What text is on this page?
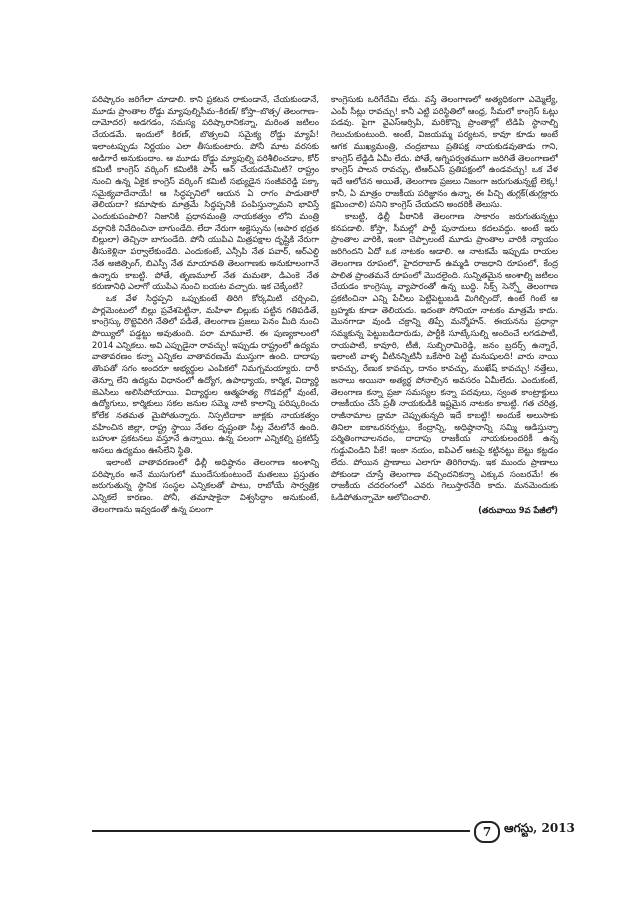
పరిష్కారం జరిగేలా చూడాలి. కాని ప్రకటన రాకుండానే, చేయకుండానే, మూడు ప్రాంతాల రోడ్డు మ్యాపుల్నిసీమ–కిరణ్/ కోస్తా–బొత్స/ తెలంగాణ–దామోదర) అడగడం, సమస్య పరిష్కారానికన్నా, మరింత జటిలం చేయడమే. ఇందులో కిరణ్, బొత్సలవి సమైక్య రోడ్డు మ్యాపే! ఇలాంటప్పుడు నిర్ణయం ఎలా తీసుకుంటారు. పోనీ మాట వరసకు అడిగారే అనుకుందాం. ఆ మూడు రోడ్డు మ్యాపుల్ని పరిశీలించడాం, కోర్ కమిటీ కాంగ్రెస్ వర్కింగ్ కమిటీకి పాస్ ఆన్ చేయడమేమిటి? రాష్ట్రం నుంచి ఉన్న ఏకైక కాంగ్రెస్ వర్కింగ్ కమిటీ సభ్యుడైన సంజీవరెడ్డి పక్కా సమైక్యవాదేనాయే! ఆ సిద్ధప్పనిలో ఆయన ఏ రాగం పాడుతారో తెలియదా? కమాషాకు మాత్రమే సిద్ధప్పనికి పంపిస్తున్నామని భావిస్తే ఎందుకుపంపాలి? నిజానికి ప్రధానమంత్రి నాయకత్వం లోని మంత్రి వర్గానికి నివేదించినా బాగుండేది. లేదా నేరుగా అక్టెస్సును (అపార భద్రత బిల్లులా) తెచ్చినా బాగుండేది. పోనీ యుపిఎ మిత్రపక్షాల దృష్టికి నేరుగా తీసుకెళ్లినా పర్వాలేకుండేది. ఎందుకంటే, ఎన్సీపి నేత పవార్, ఆర్ఎల్డి నేత అజిత్సింగ్, బిఎస్పీ నేత మాయావతి తెలంగాణకు అనుకూలంగానే ఉన్నారు కాబట్టి. పోతే, తృణమూల్ నేత మమతా, డిఎంకె నేత కరుణానిధి ఎలాగో యుపిఎ నుంచి బయట వచ్చారు. ఇక చెక్కేంటి?

ఒక వేళ సిద్ధప్పని ఒప్పుకుంటే తిరిగి కోర్కమిటి చర్చించి, పార్లమెంటులో బిల్లు ప్రవేశపెట్టినా, మహిళా బిల్లుకు పట్టిన గతిపడితే, కాంగ్రెస్కు రొట్టెవిరిగి నేతిలో పడితే, తెలంగాణ ప్రజలు పెనం మీది నుంచి పొయ్యిలో పడ్డట్టు అవుతుంది. పరా మామూలే. ఈ పుణ్యకాలంలో 2014 ఎన్నికలు. అవి ఎప్పుడైనా రావచ్చు! ఇప్పుడు రాష్ట్రంలో ఉద్యమ వాతావరణం కన్నా ఎన్నికల వాతావరణమే ముస్తుగా ఉంది. దాదాపు తొంపతో సగం అందరూ అభ్యర్థుల ఎంపికలో నిమగ్నమయ్యారు. దారీ తెన్నూ లేని ఉద్యమ విధానంలో ఉద్యోగ, ఉపాధ్యాయ, కార్మిక, విద్యార్థి జెఎసిలు అలిసిపోయాయి. విద్యార్థుల ఆత్మహత్య గొడవల్లో వుంటే, ఉద్యోగులు, కార్మికులు సకల జనుల సమ్మె నాటి కాలాన్ని పరిష్కరించు కోలేక నతమత మైపోతున్నారు. నిస్పటిదాకా జాక్లకు నాయకత్వం వహించిన జిల్లా, రాష్ట్ర స్థాయి నేతల దృష్టంతా సీట్ల వేటలోనే ఉంది. బహుశా ప్రకటనలు వస్తూనే ఉన్నాయి. ఉన్న పలంగా ఎన్నికల్ని ప్రకటిస్తే అసలు ఉద్యమం ఊసేలేని స్థితి.

ఇలాంటి వాతావరణంలో ఢిల్లీ అధిష్ఠానం తెలంగాణ అంశాన్ని పరిష్కారం అనే ముసుగులో ముందేసుకుంటుందే మతలబు ప్రస్తుతం జరుగుతున్న స్థానిక సంస్థల ఎన్నికలతో పాటు, రాబోయే సార్వత్రిక ఎన్నికలే కారణం. పోనీ, తమాషాకైనా విశ్వసిద్దాం అనుకుంటే, తెలంగాణను ఇవ్వడంతో ఉన్న పలంగా

కాంగ్రెసుకు ఒరిగేదేమి లేదు. వస్తే తెలంగాణలో అత్యధికంగా ఎమ్మెల్యే, ఎంపీ సీట్లు రావచ్చు! కానీ ఎట్టి పరిస్థితిలో ఆంధ్ర, సీమలో కాంగ్రెస్ ఓట్లు పడవు. పైగా వైఎస్ఆర్సిపి, మరికొన్ని ప్రాంతాల్లో టిడిపి స్థానాల్ని గెలుచుకుంటుంది. అంటే, విజయమ్మ పర్యటన, కావూ కూడు అంటే ఆగక ముఖ్యమంత్రి, చంద్రబాబు ప్రతిపక్ష నాయకుడవుతాడు గాని, కాంగ్రెస్ లేడ్డిడి ఏమీ లేదు. పోతే, అగ్నిపర్వతముగా జరిగితే తెలంగాణలో కాంగ్రెస్ పాలన రావచ్చు, టిఆర్ఎస్ ప్రతిపక్షంలో ఉండవచ్చు! ఒక వేళ ఇదే ఆలోచన అయితే, తెలంగాణ ప్రజలు నిజంగా జరుగుతున్నట్టే లెక్క! కానీ, ఏ మాత్రం రాజకీయ పరిజ్ఞానం ఉన్నా, ఈ పిచ్చి తుగ్లక్(తుగ్లక్గారు క్షమించాలి) పనిని కాంగ్రెస్ చేయదని అందరికీ తెలుసు.

కాబట్టి, ఢిల్లీ పీఠానికి తెలంగాణ సాకారం జరుగుతున్నట్టు కనపడాలి. కోస్తా, సీమల్లో పార్టీ పునాదులు కదలవద్దు. అంటే ఇరు ప్రాంతాల వారికి, ఇంకా చెప్పాలంటే మూడు ప్రాంతాల వారికి న్యాయం జరిగిందని ఏదో ఒక నాటకం ఆడాలి. ఆ నాటకమే ఇప్పుడు రాయల తెలంగాణ రూపంలో, హైదరాబాద్ ఉమ్మడి రాజధాని రూపంలో, కేంద్ర పాలిత ప్రాంతమనే రూపంలో మొదలైంది. సున్నితమైన అంశాల్ని జటిలం చేయడం కాంగ్రెస్కు వ్యాపారంతో ఉన్న బుద్ధి. సిక్స్ సెన్స్తో తెలంగాణ ప్రకటించినా ఎన్ని పేచీలు పెట్టిపెట్టుబడి మిగిల్చిందో, ఉంటే గింటే ఆ బ్రహ్మకు కూడా తెలియదు. ఇదంతా సోనియా నాటకం మాత్రమే కాదు. మొనగాడా వుండి చక్రాన్ని తిప్పే మన్మోహన్. ఈయనను ప్రధాన్గా సమ్మకున్న పెట్టుబడిదారుడు, పార్టీకి సూట్కేసుల్ని అందించే లగడపాటీ, రాయపాటి, కావూరి, టీజీ, సుబ్బిరామిరెడ్డి, జనం బ్రదర్స్ ఉన్నారే, ఇలాంటి వాళ్ళ వీటినన్నిటినీ ఒకేసారి పెట్టి మనుషులది! వారు నాయి కావచ్చు, రేణుక కావచ్చు, దానం కావచ్చు, ముఖేష్ కావచ్చు! నత్తేలు, జనాలు అయినా అత్యర్థ పోనాల్సిన అవసరం ఏమీలేదు. ఎందుకంటే, తెలంగాణ కన్నా ప్రజా సమస్యల కన్నా పదవులు, స్వంత కాంట్రాక్టులు రాజకీయం చేసే ప్రతీ నాయకుడికి ఇష్టమైన నాటకం కాబట్టి. గత చరిత్ర, రాజీనామాల డ్రామా చెప్పుతున్నది ఇదే కాబట్టి! అందుకే అలుసాకు తినిలా ఐకాఒరనర్సట్టు, కేంద్రాన్ని, అధిష్ఠానాన్ని సమ్మి ఆడిస్తున్నా పర్మితింగావాలనదం, దాదాపు రాజకీయ నాయకులందరికీ ఉన్న గుడ్డువిండిని పీకే! ఇంకా నయం, ఐపిఎల్ ఆటపై కట్టినట్టు బెట్టు కట్టడం లేదు. పోయిన ప్రాణాలు ఎలాగూ తిరిగిరావు. ఇక ముందు ప్రాణాలు పోకుండా చూస్తే తెలంగాణ వచ్చిందనికన్నా ఎక్కువ సంబరమే! ఈ రాజకీయ చదరంగంలో ఎవరు గెలుస్తారనేది కాదు. మనమెందుకు ఓడిపోతున్నామో ఆలోచించాలి.

(తరువాయి 9వ పేజీలో)
7	ఆగస్టు, 2013
